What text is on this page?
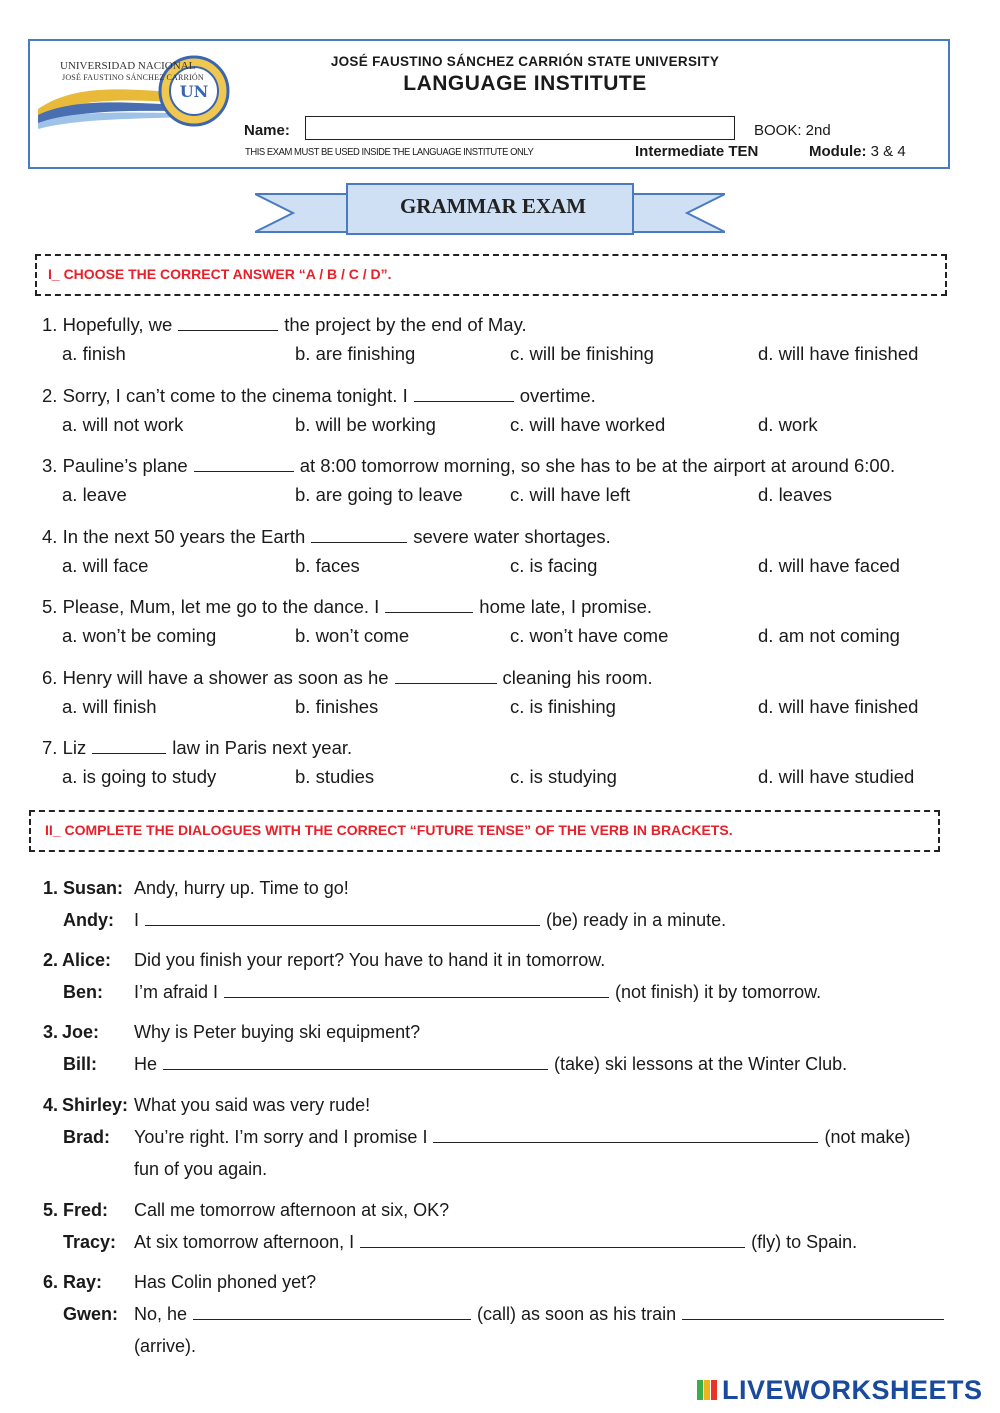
UN
UNIVERSIDAD NACIONAL
JOSÉ FAUSTINO SÁNCHEZ CARRIÓN
JOSÉ FAUSTINO SÁNCHEZ CARRIÓN STATE UNIVERSITY
LANGUAGE INSTITUTE
Name:	BOOK: 2nd
THIS EXAM MUST BE USED INSIDE THE LANGUAGE INSTITUTE ONLY	Intermediate TEN	Module: 3 & 4
GRAMMAR EXAM
I_ CHOOSE THE CORRECT ANSWER “A / B / C / D”.
1. Hopefully, we	the project by the end of May.
a. finish	b. are finishing	c. will be finishing	d. will have finished
2. Sorry, I can’t come to the cinema tonight. I	overtime.
a. will not work	b. will be working	c. will have worked	d. work
3. Pauline’s plane	at 8:00 tomorrow morning, so she has to be at the airport at around 6:00.
a. leave	b. are going to leave	c. will have left	d. leaves
4. In the next 50 years the Earth	severe water shortages.
a. will face	b. faces	c. is facing	d. will have faced
5. Please, Mum, let me go to the dance. I	home late, I promise.
a. won’t be coming	b. won’t come	c. won’t have come	d. am not coming
6. Henry will have a shower as soon as he	cleaning his room.
a. will finish	b. finishes	c. is finishing	d. will have finished
7. Liz	law in Paris next year.
a. is going to study	b. studies	c. is studying	d. will have studied
II_ COMPLETE THE DIALOGUES WITH THE CORRECT “FUTURE TENSE” OF THE VERB IN BRACKETS.
1. Susan: Andy, hurry up. Time to go!
Andy: I	(be) ready in a minute.
2. Alice: Did you finish your report? You have to hand it in tomorrow.
Ben: I’m afraid I	(not finish) it by tomorrow.
3. Joe: Why is Peter buying ski equipment?
Bill: He	(take) ski lessons at the Winter Club.
4. Shirley: What you said was very rude!
Brad: You’re right. I’m sorry and I promise I	(not make)
fun of you again.
5. Fred: Call me tomorrow afternoon at six, OK?
Tracy: At six tomorrow afternoon, I	(fly) to Spain.
6. Ray: Has Colin phoned yet?
Gwen: No, he	(call) as soon as his train
(arrive).
LIVEWORKSHEETS
